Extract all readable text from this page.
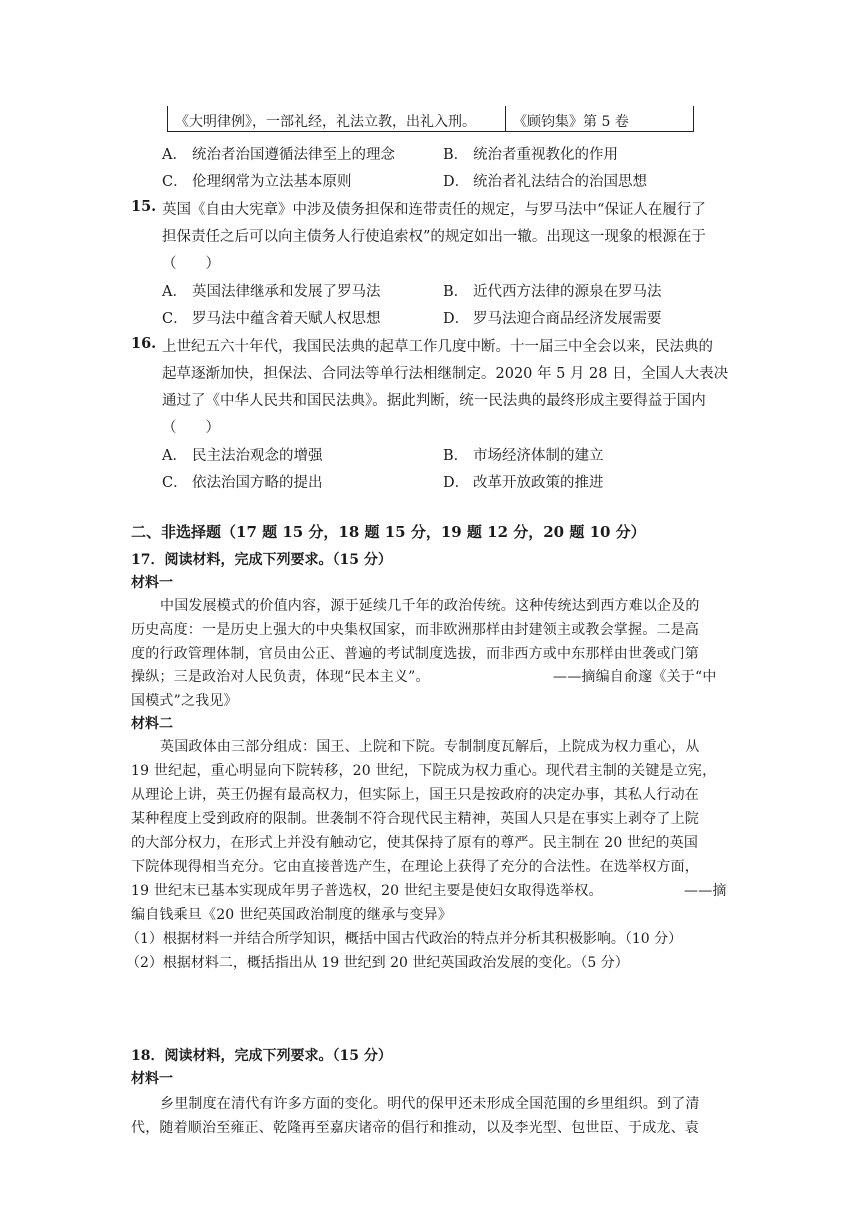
《大明律例》，一部礼经，礼法立教，出礼入刑。	《顾钧集》第 5 卷
A． 统治者治国遵循法律至上的理念	B． 统治者重视教化的作用
C． 伦理纲常为立法基本原则	D． 统治者礼法结合的治国思想
15. 英国《自由大宪章》中涉及债务担保和连带责任的规定，与罗马法中“保证人在履行了
担保责任之后可以向主债务人行使追索权”的规定如出一辙。出现这一现象的根源在于
（　　）
A． 英国法律继承和发展了罗马法	B． 近代西方法律的源泉在罗马法
C． 罗马法中蕴含着天赋人权思想	D． 罗马法迎合商品经济发展需要
16. 上世纪五六十年代，我国民法典的起草工作几度中断。十一届三中全会以来，民法典的
起草逐渐加快，担保法、合同法等单行法相继制定。2020 年 5 月 28 日，全国人大表决
通过了《中华人民共和国民法典》。据此判断，统一民法典的最终形成主要得益于国内
（　　）
A． 民主法治观念的增强	B． 市场经济体制的建立
C． 依法治国方略的提出	D． 改革开放政策的推进
二、非选择题（17 题 15 分，18 题 15 分，19 题 12 分，20 题 10 分）
17．阅读材料，完成下列要求。（15 分）
材料一
中国发展模式的价值内容，源于延续几千年的政治传统。这种传统达到西方难以企及的
历史高度：一是历史上强大的中央集权国家，而非欧洲那样由封建领主或教会掌握。二是高
度的行政管理体制，官员由公正、普遍的考试制度选拔，而非西方或中东那样由世袭或门第
操纵；三是政治对人民负责，体现“民本主义”。	——摘编自俞邃《关于“中
国模式”之我见》
材料二
英国政体由三部分组成：国王、上院和下院。专制制度瓦解后，上院成为权力重心，从
19 世纪起，重心明显向下院转移，20 世纪，下院成为权力重心。现代君主制的关键是立宪，
从理论上讲，英王仍握有最高权力，但实际上，国王只是按政府的决定办事，其私人行动在
某种程度上受到政府的限制。世袭制不符合现代民主精神，英国人只是在事实上剥夺了上院
的大部分权力，在形式上并没有触动它，使其保持了原有的尊严。民主制在 20 世纪的英国
下院体现得相当充分。它由直接普选产生，在理论上获得了充分的合法性。在选举权方面，
19 世纪末已基本实现成年男子普选权，20 世纪主要是使妇女取得选举权。	——摘
编自钱乘旦《20 世纪英国政治制度的继承与变异》
（1）根据材料一并结合所学知识，概括中国古代政治的特点并分析其积极影响。（10 分）
（2）根据材料二，概括指出从 19 世纪到 20 世纪英国政治发展的变化。（5 分）
18．阅读材料，完成下列要求。（15 分）
材料一
乡里制度在清代有许多方面的变化。明代的保甲还未形成全国范围的乡里组织。到了清
代，随着顺治至雍正、乾隆再至嘉庆诸帝的倡行和推动，以及李光型、包世臣、于成龙、袁
